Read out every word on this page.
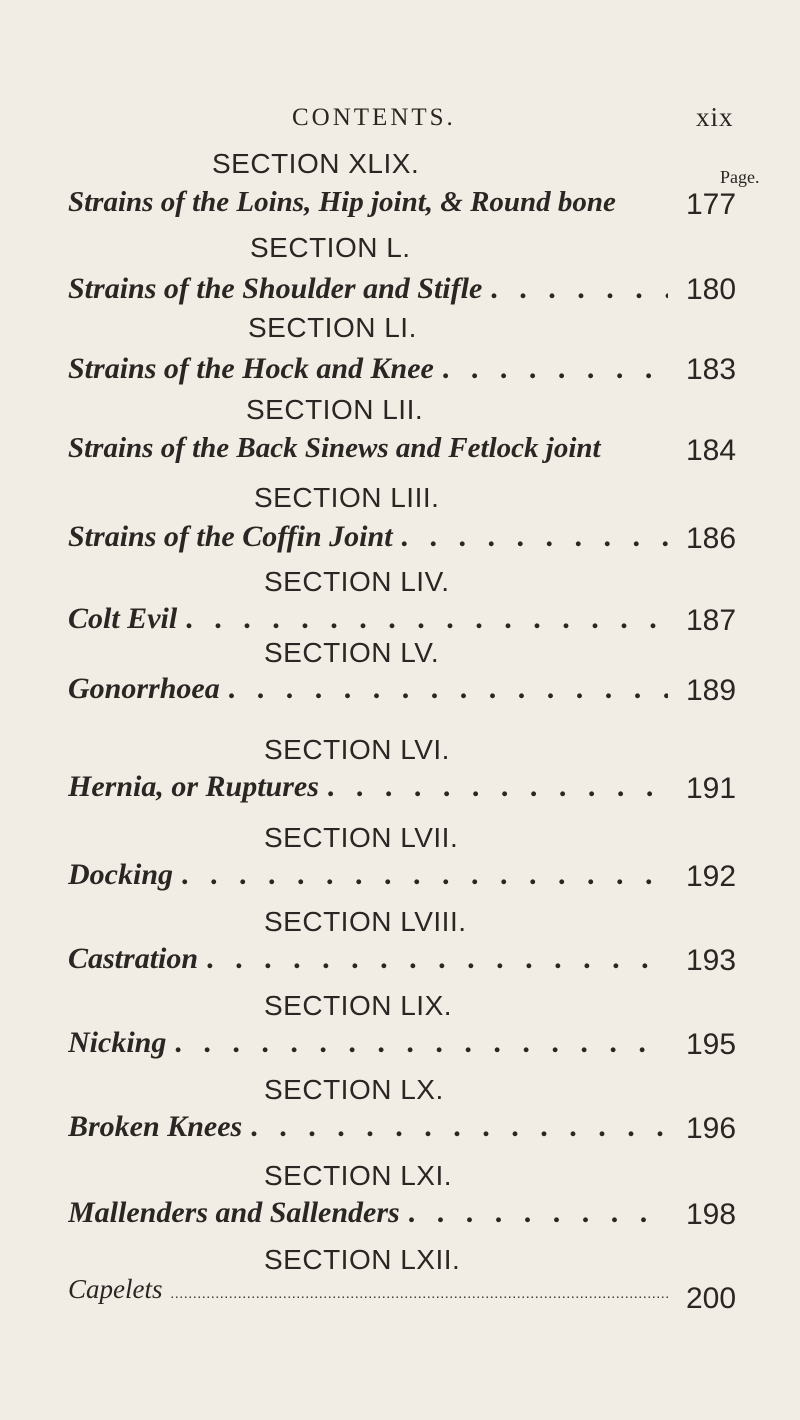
CONTENTS.	xix
Page.
SECTION XLIX.
Strains of the Loins, Hip joint, & Round bone	177
SECTION L.
Strains of the Shoulder and Stifle . . .	180
SECTION LI.
Strains of the Hock and Knee . . .	183
SECTION LII.
Strains of the Back Sinews and Fetlock joint	184
SECTION LIII.
Strains of the Coffin Joint . . .	186
SECTION LIV.
Colt Evil . . .	187
SECTION LV.
Gonorrhoea . . .	189
SECTION LVI.
Hernia, or Ruptures . . .	191
SECTION LVII.
Docking . . .	192
SECTION LVIII.
Castration . . .	193
SECTION LIX.
Nicking . . .	195
SECTION LX.
Broken Knees . . .	196
SECTION LXI.
Mallenders and Sallenders . . .	198
SECTION LXII.
Capelets .....	200
